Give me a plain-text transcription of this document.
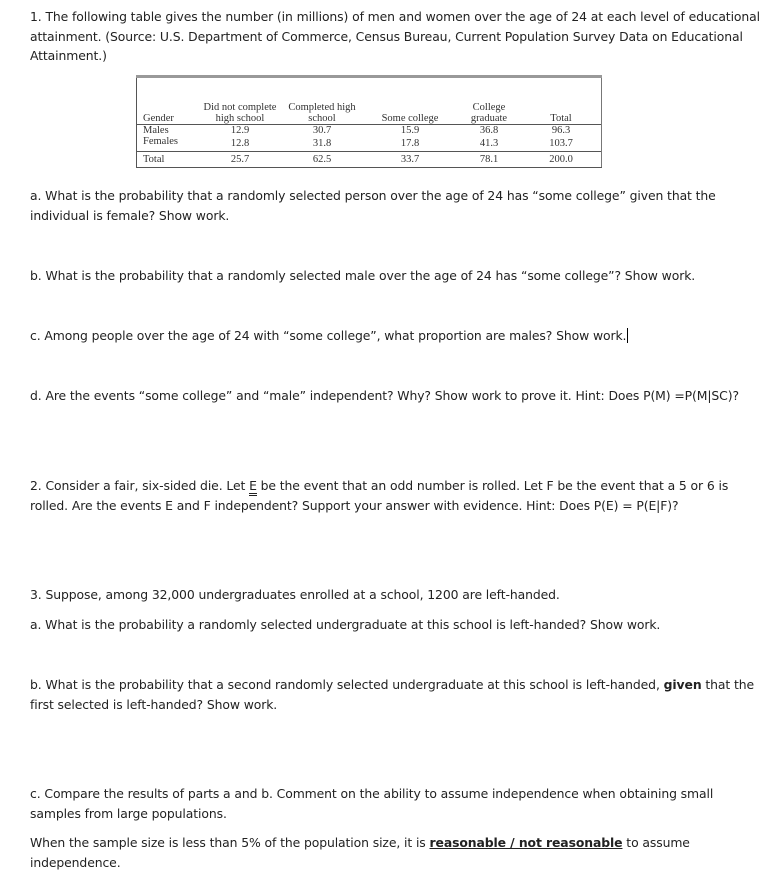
1. The following table gives the number (in millions) of men and women over the age of 24 at each level of educational attainment. (Source: U.S. Department of Commerce, Census Bureau, Current Population Survey Data on Educational Attainment.)
Gender	Did not complete high school	Completed high school	Some college	College graduate	Total
Males	12.9	30.7	15.9	36.8	96.3
Females	12.8	31.8	17.8	41.3	103.7
Total	25.7	62.5	33.7	78.1	200.0
a. What is the probability that a randomly selected person over the age of 24 has “some college” given that the individual is female? Show work.
b. What is the probability that a randomly selected male over the age of 24 has “some college”? Show work.
c. Among people over the age of 24 with “some college”, what proportion are males? Show work.
d. Are the events “some college” and “male” independent? Why? Show work to prove it. Hint: Does P(M) =P(M|SC)?
2. Consider a fair, six-sided die. Let E be the event that an odd number is rolled. Let F be the event that a 5 or 6 is rolled. Are the events E and F independent? Support your answer with evidence. Hint: Does P(E) = P(E|F)?
3. Suppose, among 32,000 undergraduates enrolled at a school, 1200 are left-handed.
a. What is the probability a randomly selected undergraduate at this school is left-handed? Show work.
b. What is the probability that a second randomly selected undergraduate at this school is left-handed, given that the first selected is left-handed? Show work.
c. Compare the results of parts a and b. Comment on the ability to assume independence when obtaining small samples from large populations.
When the sample size is less than 5% of the population size, it is reasonable / not reasonable to assume independence.
